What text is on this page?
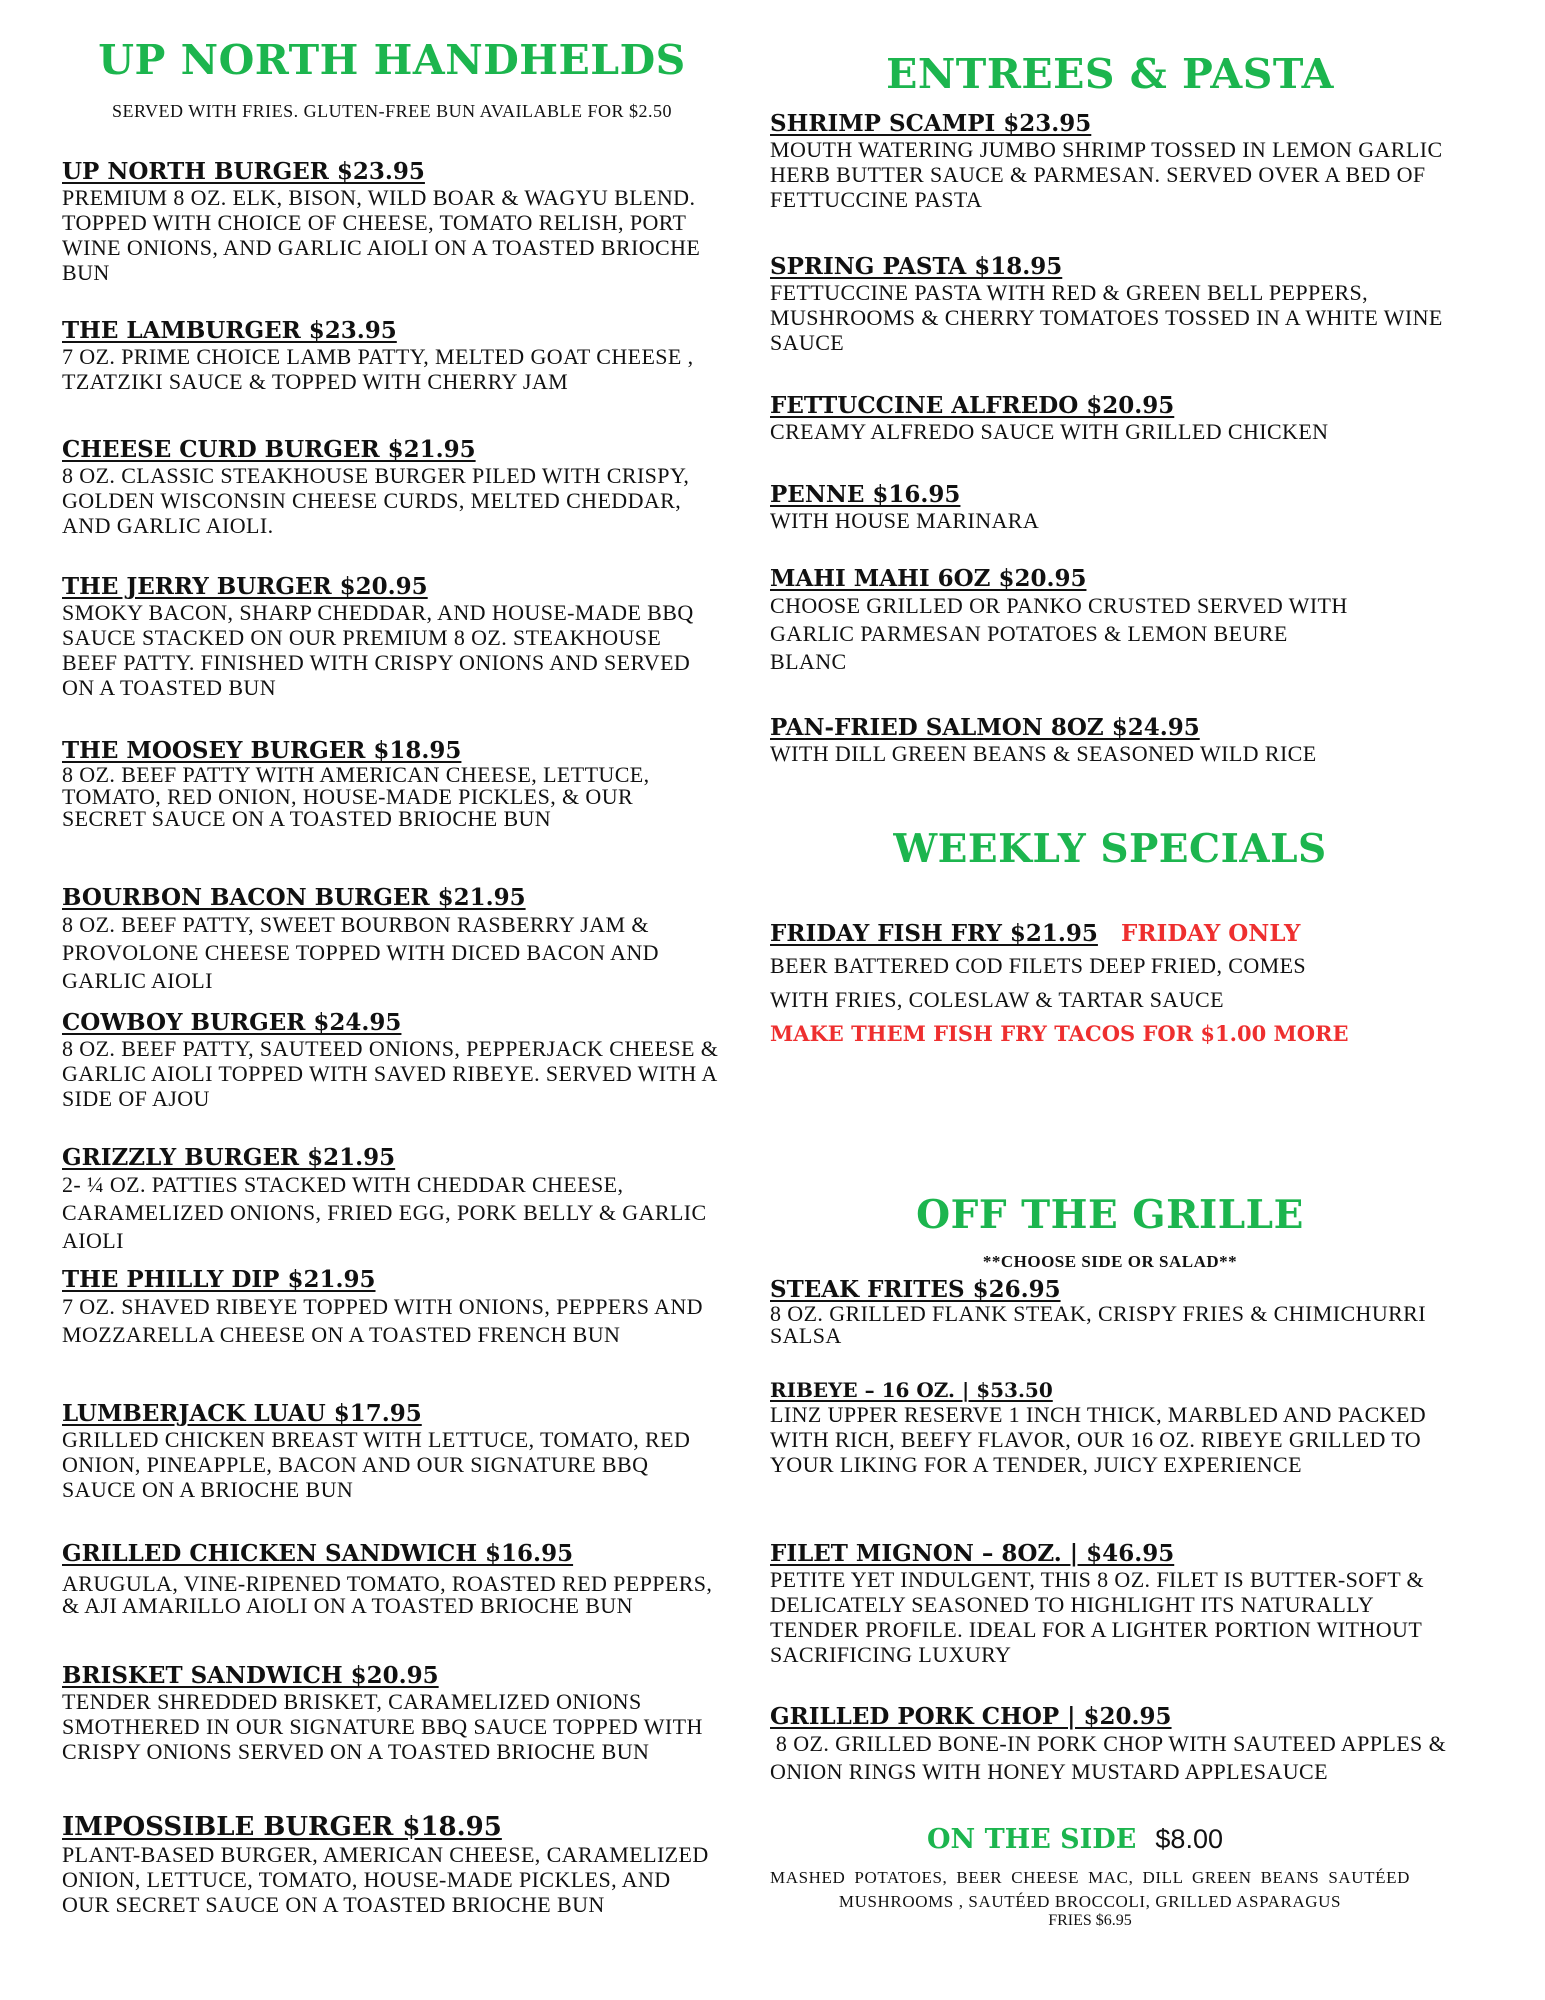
UP NORTH HANDHELDS
SERVED WITH FRIES. GLUTEN-FREE BUN AVAILABLE FOR $2.50
UP NORTH BURGER $23.95
PREMIUM 8 OZ. ELK, BISON, WILD BOAR & WAGYU BLEND. TOPPED WITH CHOICE OF CHEESE, TOMATO RELISH, PORT WINE ONIONS, AND GARLIC AIOLI ON A TOASTED BRIOCHE BUN
THE LAMBURGER $23.95
7 OZ. PRIME CHOICE LAMB PATTY, MELTED GOAT CHEESE , TZATZIKI SAUCE & TOPPED WITH CHERRY JAM
CHEESE CURD BURGER $21.95
8 OZ. CLASSIC STEAKHOUSE BURGER PILED WITH CRISPY, GOLDEN WISCONSIN CHEESE CURDS, MELTED CHEDDAR, AND GARLIC AIOLI.
THE JERRY BURGER $20.95
SMOKY BACON, SHARP CHEDDAR, AND HOUSE-MADE BBQ SAUCE STACKED ON OUR PREMIUM 8 OZ. STEAKHOUSE BEEF PATTY. FINISHED WITH CRISPY ONIONS AND SERVED ON A TOASTED BUN
THE MOOSEY BURGER $18.95
8 OZ. BEEF PATTY WITH AMERICAN CHEESE, LETTUCE, TOMATO, RED ONION, HOUSE-MADE PICKLES, & OUR SECRET SAUCE ON A TOASTED BRIOCHE BUN
BOURBON BACON BURGER $21.95
8 OZ. BEEF PATTY, SWEET BOURBON RASBERRY JAM & PROVOLONE CHEESE TOPPED WITH DICED BACON AND GARLIC AIOLI
COWBOY BURGER $24.95
8 OZ. BEEF PATTY, SAUTEED ONIONS, PEPPERJACK CHEESE & GARLIC AIOLI TOPPED WITH SAVED RIBEYE. SERVED WITH A SIDE OF AJOU
GRIZZLY BURGER $21.95
2- ¼ OZ. PATTIES STACKED WITH CHEDDAR CHEESE, CARAMELIZED ONIONS, FRIED EGG, PORK BELLY & GARLIC AIOLI
THE PHILLY DIP $21.95
7 OZ. SHAVED RIBEYE TOPPED WITH ONIONS, PEPPERS AND MOZZARELLA CHEESE ON A TOASTED FRENCH BUN
LUMBERJACK LUAU $17.95
GRILLED CHICKEN BREAST WITH LETTUCE, TOMATO, RED ONION, PINEAPPLE, BACON AND OUR SIGNATURE BBQ SAUCE ON A BRIOCHE BUN
GRILLED CHICKEN SANDWICH $16.95
ARUGULA, VINE-RIPENED TOMATO, ROASTED RED PEPPERS, & AJI AMARILLO AIOLI ON A TOASTED BRIOCHE BUN
BRISKET SANDWICH $20.95
TENDER SHREDDED BRISKET, CARAMELIZED ONIONS SMOTHERED IN OUR SIGNATURE BBQ SAUCE TOPPED WITH CRISPY ONIONS SERVED ON A TOASTED BRIOCHE BUN
IMPOSSIBLE BURGER $18.95
PLANT-BASED BURGER, AMERICAN CHEESE, CARAMELIZED ONION, LETTUCE, TOMATO, HOUSE-MADE PICKLES, AND OUR SECRET SAUCE ON A TOASTED BRIOCHE BUN
ENTREES & PASTA
SHRIMP SCAMPI $23.95
MOUTH WATERING JUMBO SHRIMP TOSSED IN LEMON GARLIC HERB BUTTER SAUCE & PARMESAN. SERVED OVER A BED OF FETTUCCINE PASTA
SPRING PASTA $18.95
FETTUCCINE PASTA WITH RED & GREEN BELL PEPPERS, MUSHROOMS & CHERRY TOMATOES TOSSED IN A WHITE WINE SAUCE
FETTUCCINE ALFREDO $20.95
CREAMY ALFREDO SAUCE WITH GRILLED CHICKEN
PENNE $16.95
WITH HOUSE MARINARA
MAHI MAHI 6OZ $20.95
CHOOSE GRILLED OR PANKO CRUSTED SERVED WITH GARLIC PARMESAN POTATOES & LEMON BEURE BLANC
PAN-FRIED SALMON 8OZ $24.95
WITH DILL GREEN BEANS & SEASONED WILD RICE
WEEKLY SPECIALS
FRIDAY FISH FRY $21.95 FRIDAY ONLY
BEER BATTERED COD FILETS DEEP FRIED, COMES WITH FRIES, COLESLAW & TARTAR SAUCE
MAKE THEM FISH FRY TACOS FOR $1.00 MORE
OFF THE GRILLE
**CHOOSE SIDE OR SALAD**
STEAK FRITES $26.95
8 OZ. GRILLED FLANK STEAK, CRISPY FRIES & CHIMICHURRI SALSA
RIBEYE – 16 OZ. | $53.50
LINZ UPPER RESERVE 1 INCH THICK, MARBLED AND PACKED WITH RICH, BEEFY FLAVOR, OUR 16 OZ. RIBEYE GRILLED TO YOUR LIKING FOR A TENDER, JUICY EXPERIENCE
FILET MIGNON – 8OZ. | $46.95
PETITE YET INDULGENT, THIS 8 OZ. FILET IS BUTTER-SOFT & DELICATELY SEASONED TO HIGHLIGHT ITS NATURALLY TENDER PROFILE. IDEAL FOR A LIGHTER PORTION WITHOUT SACRIFICING LUXURY
GRILLED PORK CHOP | $20.95
8 OZ. GRILLED BONE-IN PORK CHOP WITH SAUTEED APPLES & ONION RINGS WITH HONEY MUSTARD APPLESAUCE
ON THE SIDE $8.00
MASHED POTATOES, BEER CHEESE MAC, DILL GREEN BEANS SAUTÉED MUSHROOMS , SAUTÉED BROCCOLI, GRILLED ASPARAGUS
FRIES $6.95
